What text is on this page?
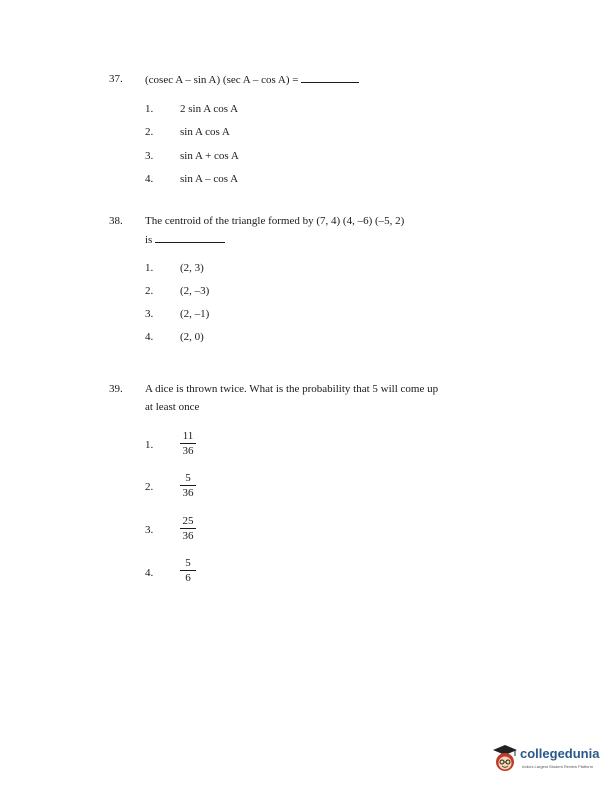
37. (cosec A – sin A) (sec A – cos A) =
1. 2 sin A cos A
2. sin A cos A
3. sin A + cos A
4. sin A – cos A
38. The centroid of the triangle formed by (7, 4) (4, –6) (–5, 2)
is
1. (2, 3)
2. (2, –3)
3. (2, –1)
4. (2, 0)
39. A dice is thrown twice. What is the probability that 5 will come up
at least once
1.
11
36
2.
5
36
3.
25
36
4.
5
6
collegedunia
India's Largest Student Review Platform
